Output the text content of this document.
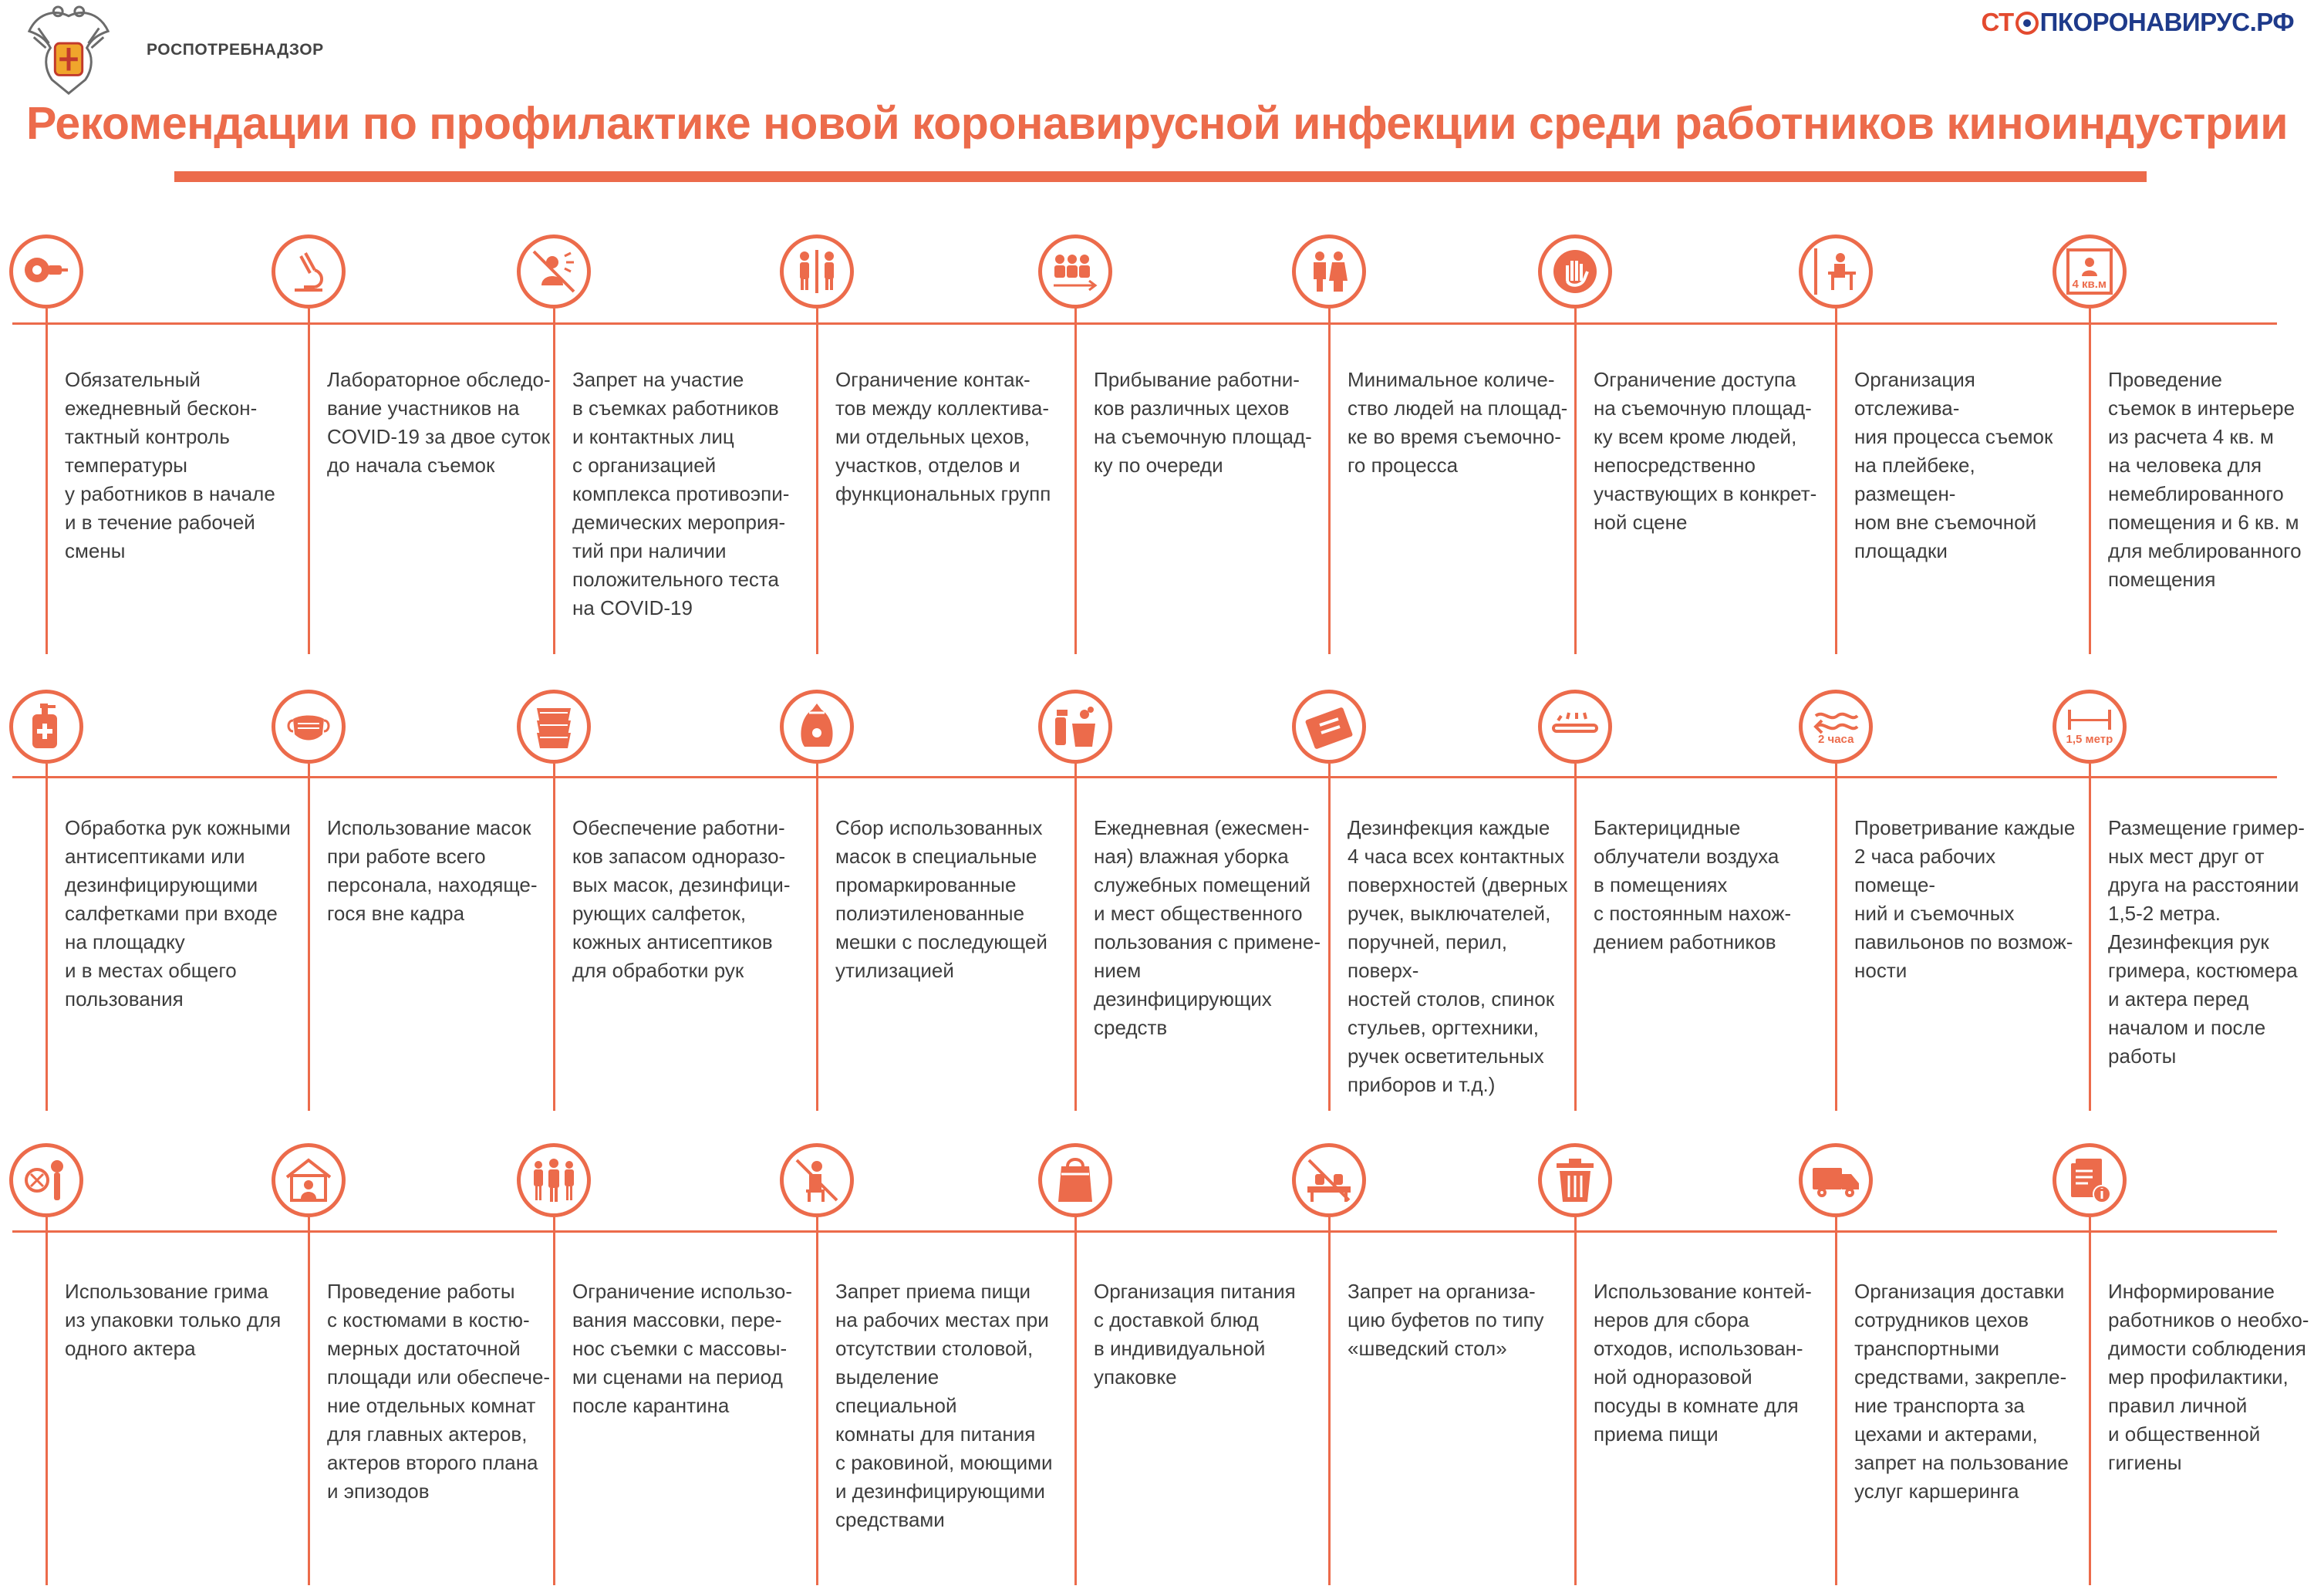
РОСПОТРЕБНАДЗОР
СТ ПКОРОНАВИРУС.РФ
Рекомендации по профилактике новой коронавирусной инфекции среди работников киноиндустрии
Обязательный
ежедневный бескон-
тактный контроль
температуры
у работников в начале
и в течение рабочей
смены
Лабораторное обследо-
вание участников на
COVID-19 за двое суток
до начала съемок
Запрет на участие
в съемках работников
и контактных лиц
с организацией
комплекса противоэпи-
демических мероприя-
тий при наличии
положительного теста
на COVID-19
Ограничение контак-
тов между коллектива-
ми отдельных цехов,
участков, отделов и
функциональных групп
Прибывание работни-
ков различных цехов
на съемочную площад-
ку по очереди
Минимальное количе-
ство людей на площад-
ке во время съемочно-
го процесса
Ограничение доступа
на съемочную площад-
ку всем кроме людей,
непосредственно
участвующих в конкрет-
ной сцене
Организация отслежива-
ния процесса съемок
на плейбеке, размещен-
ном вне съемочной
площадки
4 кв.м
Проведение
съемок в интерьере
из расчета 4 кв. м
на человека для
немеблированного
помещения и 6 кв. м
для меблированного
помещения
Обработка рук кожными
антисептиками или
дезинфицирующими
салфетками при входе
на площадку
и в местах общего
пользования
Использование масок
при работе всего
персонала, находяще-
гося вне кадра
Обеспечение работни-
ков запасом одноразо-
вых масок, дезинфици-
рующих салфеток,
кожных антисептиков
для обработки рук
Сбор использованных
масок в специальные
промаркированные
полиэтиленованные
мешки с последующей
утилизацией
Ежедневная (ежесмен-
ная) влажная уборка
служебных помещений
и мест общественного
пользования с примене-
нием дезинфицирующих
средств
Дезинфекция каждые
4 часа всех контактных
поверхностей (дверных
ручек, выключателей,
поручней, перил, поверх-
ностей столов, спинок
стульев, оргтехники,
ручек осветительных
приборов и т.д.)
Бактерицидные
облучатели воздуха
в помещениях
с постоянным нахож-
дением работников
2 часа
Проветривание каждые
2 часа рабочих помеще-
ний и съемочных
павильонов по возмож-
ности
1,5 метр
Размещение гример-
ных мест друг от
друга на расстоянии
1,5-2 метра.
Дезинфекция рук
гримера, костюмера
и актера перед
началом и после
работы
Использование грима
из упаковки только для
одного актера
Проведение работы
с костюмами в костю-
мерных достаточной
площади или обеспече-
ние отдельных комнат
для главных актеров,
актеров второго плана
и эпизодов
Ограничение использо-
вания массовки, пере-
нос съемки с массовы-
ми сценами на период
после карантина
Запрет приема пищи
на рабочих местах при
отсутствии столовой,
выделение специальной
комнаты для питания
с раковиной, моющими
и дезинфицирующими
средствами
Организация питания
с доставкой блюд
в индивидуальной
упаковке
Запрет на организа-
цию буфетов по типу
«шведский стол»
Использование контей-
неров для сбора
отходов, использован-
ной одноразовой
посуды в комнате для
приема пищи
Организация доставки
сотрудников цехов
транспортными
средствами, закрепле-
ние транспорта за
цехами и актерами,
запрет на пользование
услуг каршеринга
Информирование
работников о необхо-
димости соблюдения
мер профилактики,
правил личной
и общественной
гигиены
